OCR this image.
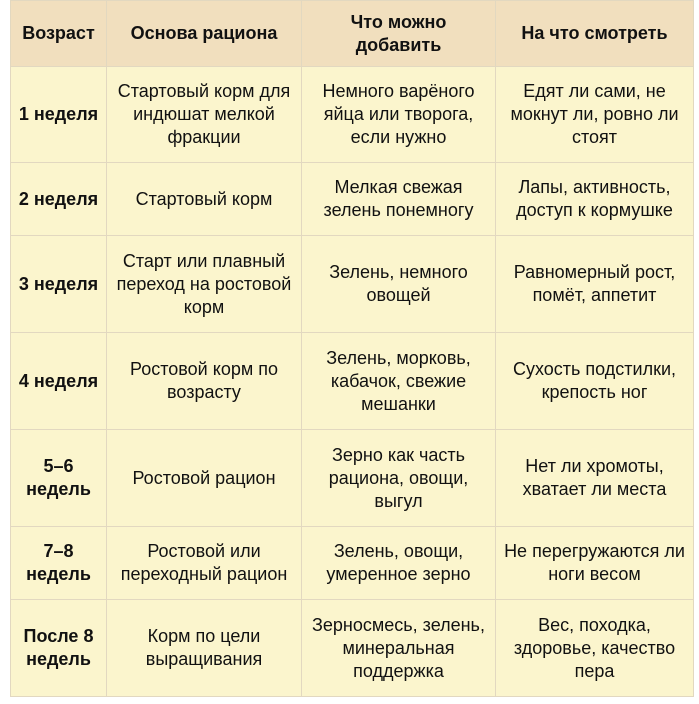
Возраст	Основа рациона	Что можно добавить	На что смотреть
1 неделя	Стартовый корм для индюшат мелкой фракции	Немного варёного яйца или творога, если нужно	Едят ли сами, не мокнут ли, ровно ли стоят
2 неделя	Стартовый корм	Мелкая свежая зелень понемногу	Лапы, активность, доступ к кормушке
3 неделя	Старт или плавный переход на ростовой корм	Зелень, немного овощей	Равномерный рост, помёт, аппетит
4 неделя	Ростовой корм по возрасту	Зелень, морковь, кабачок, свежие мешанки	Сухость подстилки, крепость ног
5–6 недель	Ростовой рацион	Зерно как часть рациона, овощи, выгул	Нет ли хромоты, хватает ли места
7–8 недель	Ростовой или переходный рацион	Зелень, овощи, умеренное зерно	Не перегружаются ли ноги весом
После 8 недель	Корм по цели выращивания	Зерносмесь, зелень, минеральная поддержка	Вес, походка, здоровье, качество пера
